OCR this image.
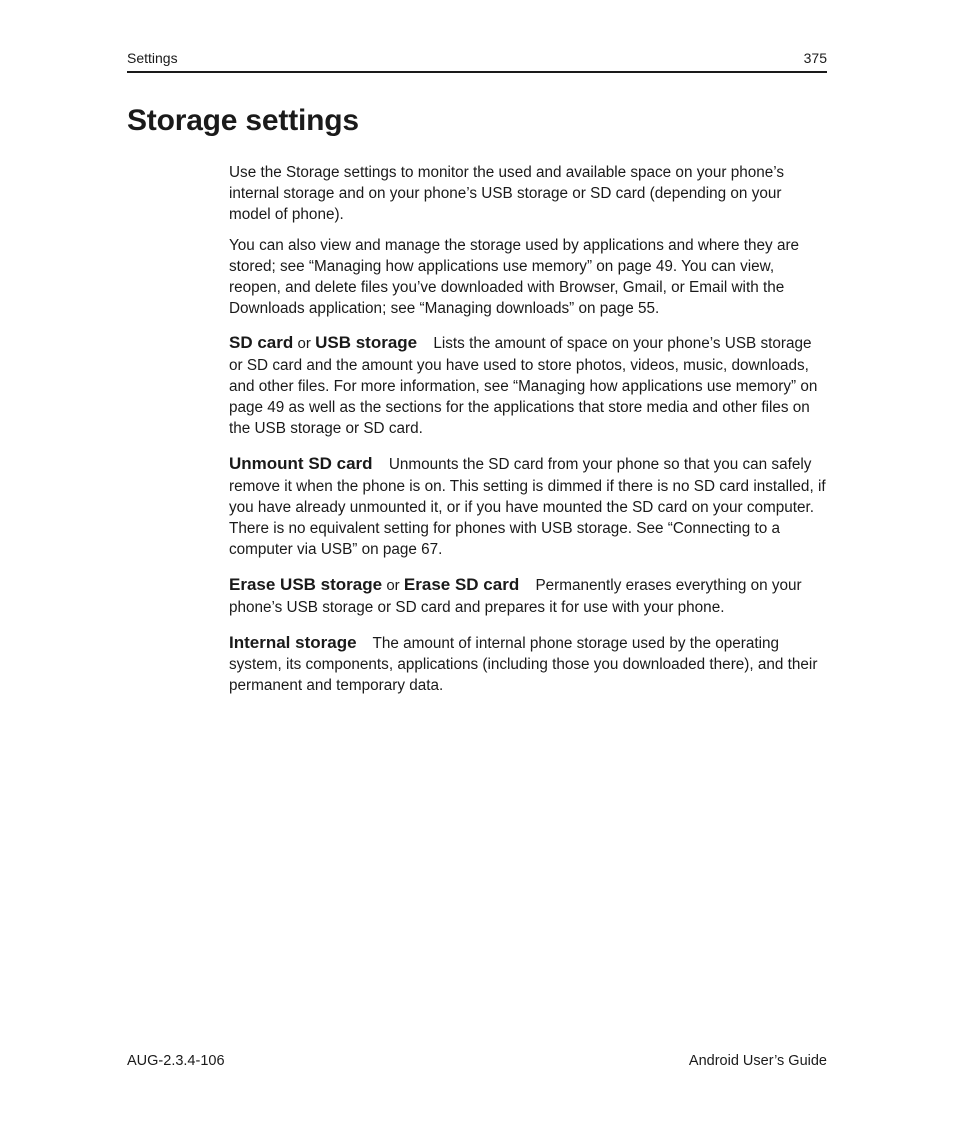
Settings	375
Storage settings

Use the Storage settings to monitor the used and available space on your phone’s internal storage and on your phone’s USB storage or SD card (depending on your model of phone).

You can also view and manage the storage used by applications and where they are stored; see “Managing how applications use memory” on page 49. You can view, reopen, and delete files you’ve downloaded with Browser, Gmail, or Email with the Downloads application; see “Managing downloads” on page 55.

SD card or USB storage Lists the amount of space on your phone’s USB storage or SD card and the amount you have used to store photos, videos, music, downloads, and other files. For more information, see “Managing how applications use memory” on page 49 as well as the sections for the applications that store media and other files on the USB storage or SD card.

Unmount SD card Unmounts the SD card from your phone so that you can safely remove it when the phone is on. This setting is dimmed if there is no SD card installed, if you have already unmounted it, or if you have mounted the SD card on your computer. There is no equivalent setting for phones with USB storage. See “Connecting to a computer via USB” on page 67.

Erase USB storage or Erase SD card Permanently erases everything on your phone’s USB storage or SD card and prepares it for use with your phone.

Internal storage The amount of internal phone storage used by the operating system, its components, applications (including those you downloaded there), and their permanent and temporary data.

AUG-2.3.4-106	Android User’s Guide
